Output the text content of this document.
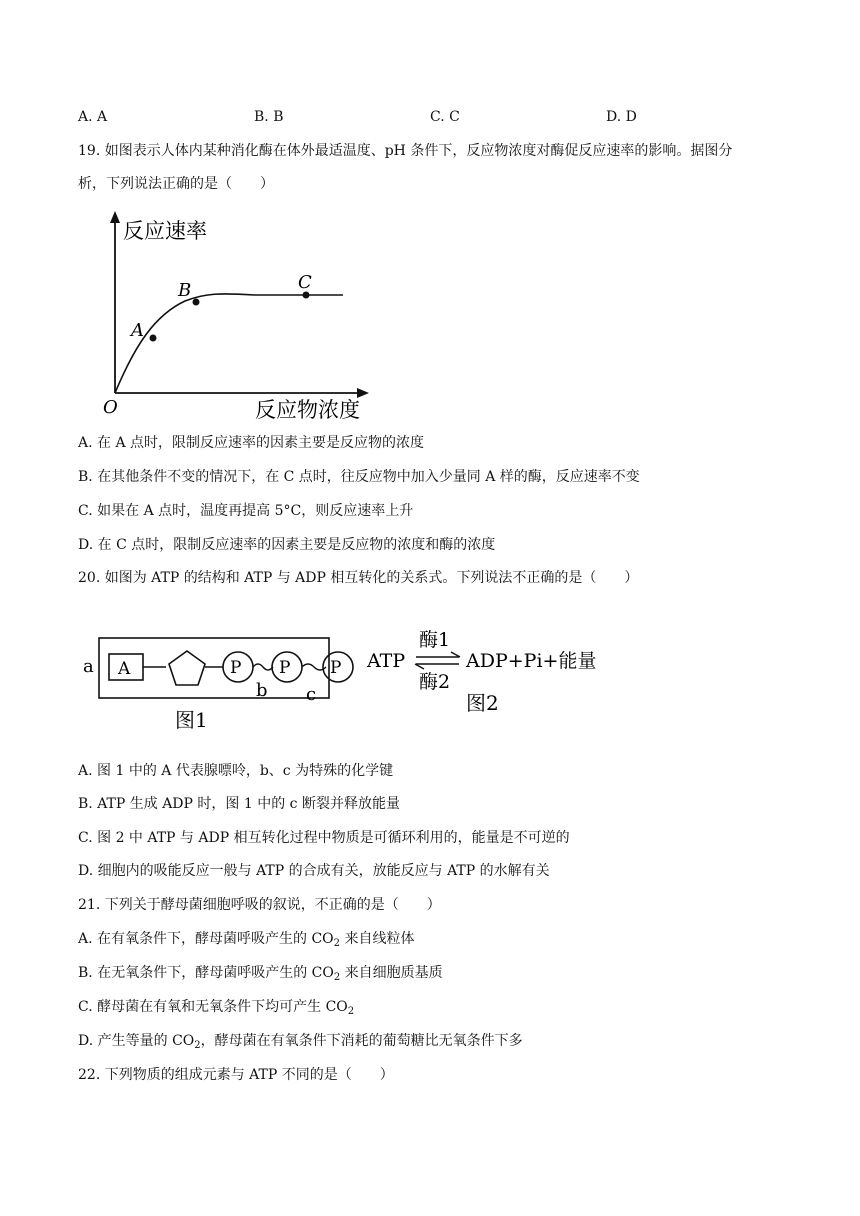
A. A	B. B	C. C	D. D
19. 如图表示人体内某种消化酶在体外最适温度、pH 条件下，反应物浓度对酶促反应速率的影响。据图分
析，下列说法正确的是（　　）
A
B	C
O
反应速率
反应物浓度
A. 在 A 点时，限制反应速率的因素主要是反应物的浓度
B. 在其他条件不变的情况下，在 C 点时，往反应物中加入少量同 A 样的酶，反应速率不变
C. 如果在 A 点时，温度再提高 5°C，则反应速率上升
D. 在 C 点时，限制反应速率的因素主要是反应物的浓度和酶的浓度
20. 如图为 ATP 的结构和 ATP 与 ADP 相互转化的关系式。下列说法不正确的是（　　）
a A	P P P
b c
图1
酶1
ATP	ADP+Pi+能量
酶2
图2
A. 图 1 中的 A 代表腺嘌呤，b、c 为特殊的化学键
B. ATP 生成 ADP 时，图 1 中的 c 断裂并释放能量
C. 图 2 中 ATP 与 ADP 相互转化过程中物质是可循环利用的，能量是不可逆的
D. 细胞内的吸能反应一般与 ATP 的合成有关，放能反应与 ATP 的水解有关
21. 下列关于酵母菌细胞呼吸的叙说，不正确的是（　　）
A. 在有氧条件下，酵母菌呼吸产生的 $CO_2$ 来自线粒体
B. 在无氧条件下，酵母菌呼吸产生的 $CO_2$ 来自细胞质基质
C. 酵母菌在有氧和无氧条件下均可产生 $CO_2$
D. 产生等量的 $CO_2$，酵母菌在有氧条件下消耗的葡萄糖比无氧条件下多
22. 下列物质的组成元素与 ATP 不同的是（　　）
